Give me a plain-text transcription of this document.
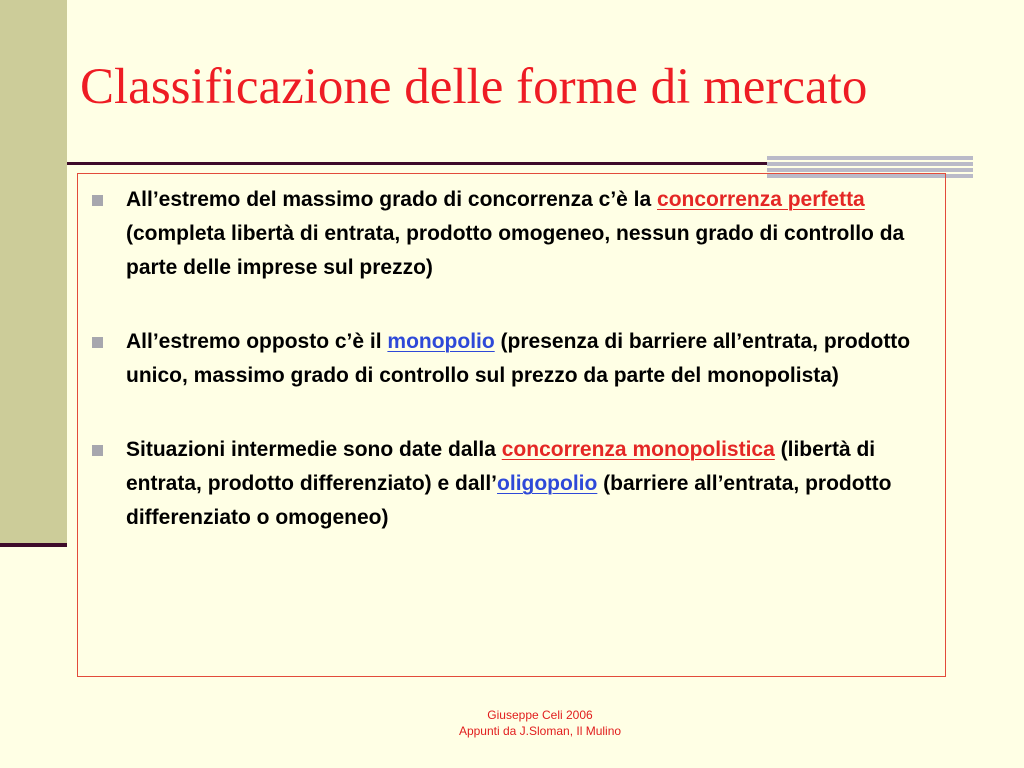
Classificazione delle forme di mercato
All’estremo del massimo grado di concorrenza c’è la concorrenza perfetta (completa libertà di entrata, prodotto omogeneo, nessun grado di controllo da parte delle imprese sul prezzo)
All’estremo opposto c’è il monopolio (presenza di barriere all’entrata, prodotto unico, massimo grado di controllo sul prezzo da parte del monopolista)
Situazioni intermedie sono date dalla concorrenza monopolistica (libertà di entrata, prodotto differenziato) e dall’oligopolio (barriere all’entrata, prodotto differenziato o omogeneo)
Giuseppe Celi 2006
Appunti da J.Sloman, Il Mulino
